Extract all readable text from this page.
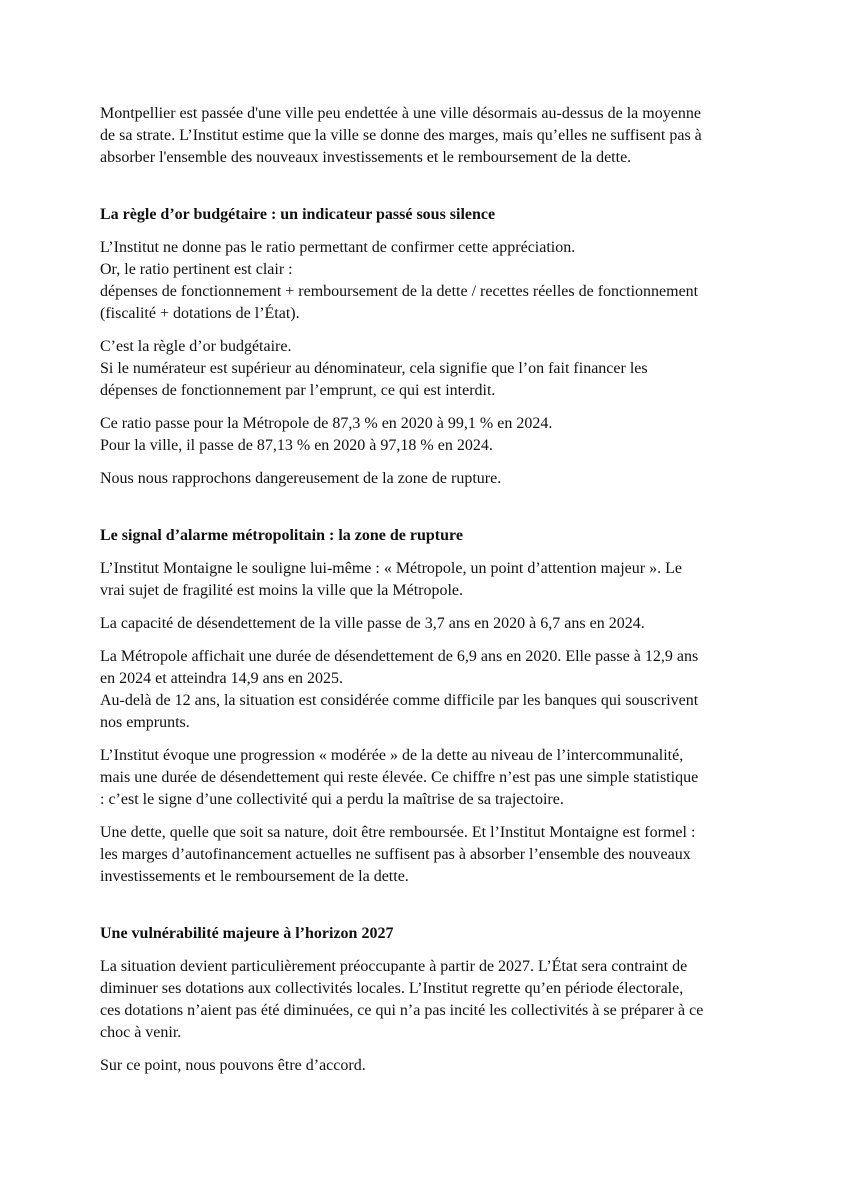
Montpellier est passée d'une ville peu endettée à une ville désormais au-dessus de la moyenne
de sa strate. L’Institut estime que la ville se donne des marges, mais qu’elles ne suffisent pas à
absorber l'ensemble des nouveaux investissements et le remboursement de la dette.

La règle d’or budgétaire : un indicateur passé sous silence

L’Institut ne donne pas le ratio permettant de confirmer cette appréciation.
Or, le ratio pertinent est clair :
dépenses de fonctionnement + remboursement de la dette / recettes réelles de fonctionnement
(fiscalité + dotations de l’État).

C’est la règle d’or budgétaire.
Si le numérateur est supérieur au dénominateur, cela signifie que l’on fait financer les
dépenses de fonctionnement par l’emprunt, ce qui est interdit.

Ce ratio passe pour la Métropole de 87,3 % en 2020 à 99,1 % en 2024.
Pour la ville, il passe de 87,13 % en 2020 à 97,18 % en 2024.

Nous nous rapprochons dangereusement de la zone de rupture.

Le signal d’alarme métropolitain : la zone de rupture

L’Institut Montaigne le souligne lui-même : « Métropole, un point d’attention majeur ». Le
vrai sujet de fragilité est moins la ville que la Métropole.

La capacité de désendettement de la ville passe de 3,7 ans en 2020 à 6,7 ans en 2024.

La Métropole affichait une durée de désendettement de 6,9 ans en 2020. Elle passe à 12,9 ans
en 2024 et atteindra 14,9 ans en 2025.
Au-delà de 12 ans, la situation est considérée comme difficile par les banques qui souscrivent
nos emprunts.

L’Institut évoque une progression « modérée » de la dette au niveau de l’intercommunalité,
mais une durée de désendettement qui reste élevée. Ce chiffre n’est pas une simple statistique
: c’est le signe d’une collectivité qui a perdu la maîtrise de sa trajectoire.

Une dette, quelle que soit sa nature, doit être remboursée. Et l’Institut Montaigne est formel :
les marges d’autofinancement actuelles ne suffisent pas à absorber l’ensemble des nouveaux
investissements et le remboursement de la dette.

Une vulnérabilité majeure à l’horizon 2027

La situation devient particulièrement préoccupante à partir de 2027. L’État sera contraint de
diminuer ses dotations aux collectivités locales. L’Institut regrette qu’en période électorale,
ces dotations n’aient pas été diminuées, ce qui n’a pas incité les collectivités à se préparer à ce
choc à venir.

Sur ce point, nous pouvons être d’accord.
